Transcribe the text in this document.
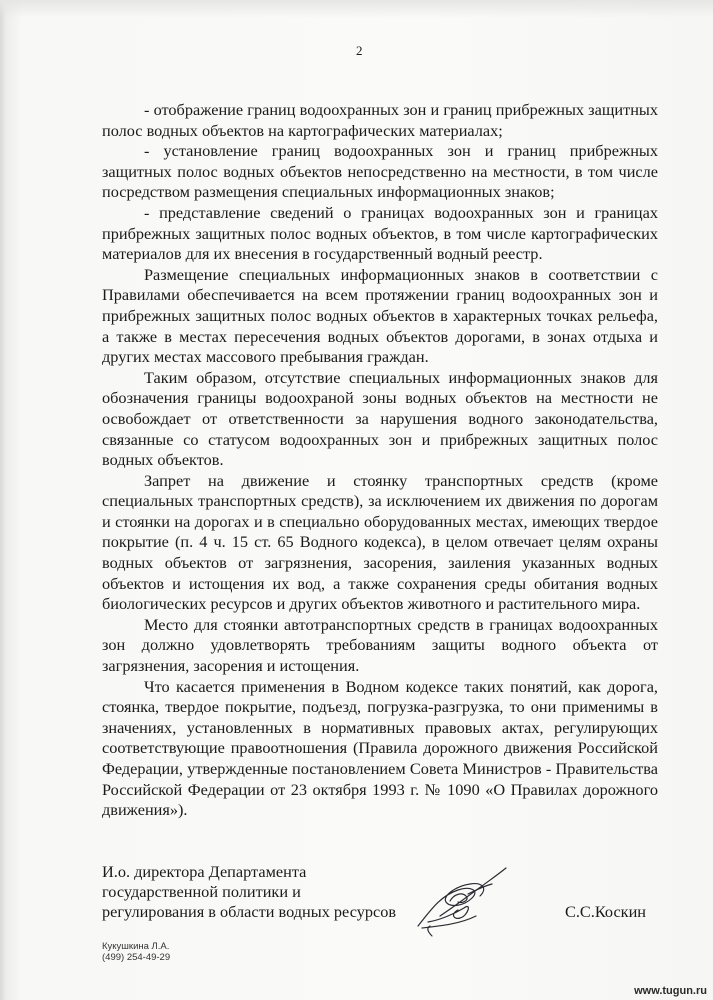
2

- отображение границ водоохранных зон и границ прибрежных защитных полос водных объектов на картографических материалах;

- установление границ водоохранных зон и границ прибрежных защитных полос водных объектов непосредственно на местности, в том числе посредством размещения специальных информационных знаков;

- представление сведений о границах водоохранных зон и границах прибрежных защитных полос водных объектов, в том числе картографических материалов для их внесения в государственный водный реестр.

Размещение специальных информационных знаков в соответствии с Правилами обеспечивается на всем протяжении границ водоохранных зон и прибрежных защитных полос водных объектов в характерных точках рельефа, а также в местах пересечения водных объектов дорогами, в зонах отдыха и других местах массового пребывания граждан.

Таким образом, отсутствие специальных информационных знаков для обозначения границы водоохраной зоны водных объектов на местности не освобождает от ответственности за нарушения водного законодательства, связанные со статусом водоохранных зон и прибрежных защитных полос водных объектов.

Запрет на движение и стоянку транспортных средств (кроме специальных транспортных средств), за исключением их движения по дорогам и стоянки на дорогах и в специально оборудованных местах, имеющих твердое покрытие (п. 4 ч. 15 ст. 65 Водного кодекса), в целом отвечает целям охраны водных объектов от загрязнения, засорения, заиления указанных водных объектов и истощения их вод, а также сохранения среды обитания водных биологических ресурсов и других объектов животного и растительного мира.

Место для стоянки автотранспортных средств в границах водоохранных зон должно удовлетворять требованиям защиты водного объекта от загрязнения, засорения и истощения.

Что касается применения в Водном кодексе таких понятий, как дорога, стоянка, твердое покрытие, подъезд, погрузка-разгрузка, то они применимы в значениях, установленных в нормативных правовых актах, регулирующих соответствующие правоотношения (Правила дорожного движения Российской Федерации, утвержденные постановлением Совета Министров - Правительства Российской Федерации от 23 октября 1993 г. № 1090 «О Правилах дорожного движения»).

И.о. директора Департамента
государственной политики и
регулирования в области водных ресурсов	С.С.Коскин
Кукушкина Л.А.
(499) 254-49-29
www.tugun.ru
